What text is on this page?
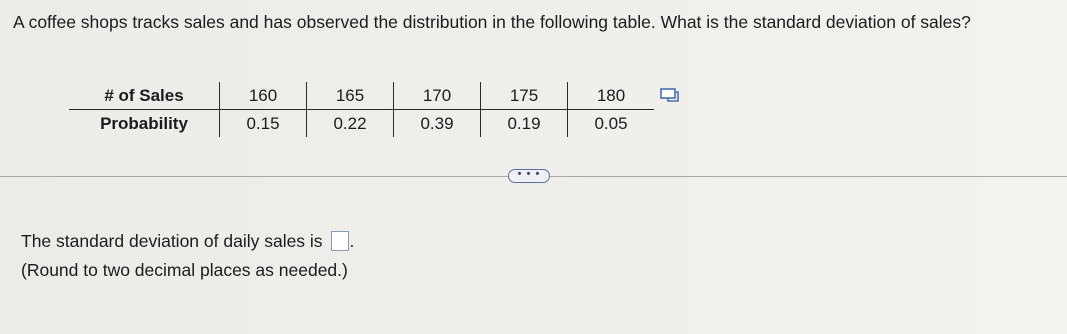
A coffee shops tracks sales and has observed the distribution in the following table. What is the standard deviation of sales?

# of Sales	160	165	170	175	180
Probability	0.15	0.22	0.39	0.19	0.05
• • •
The standard deviation of daily sales is .
(Round to two decimal places as needed.)
